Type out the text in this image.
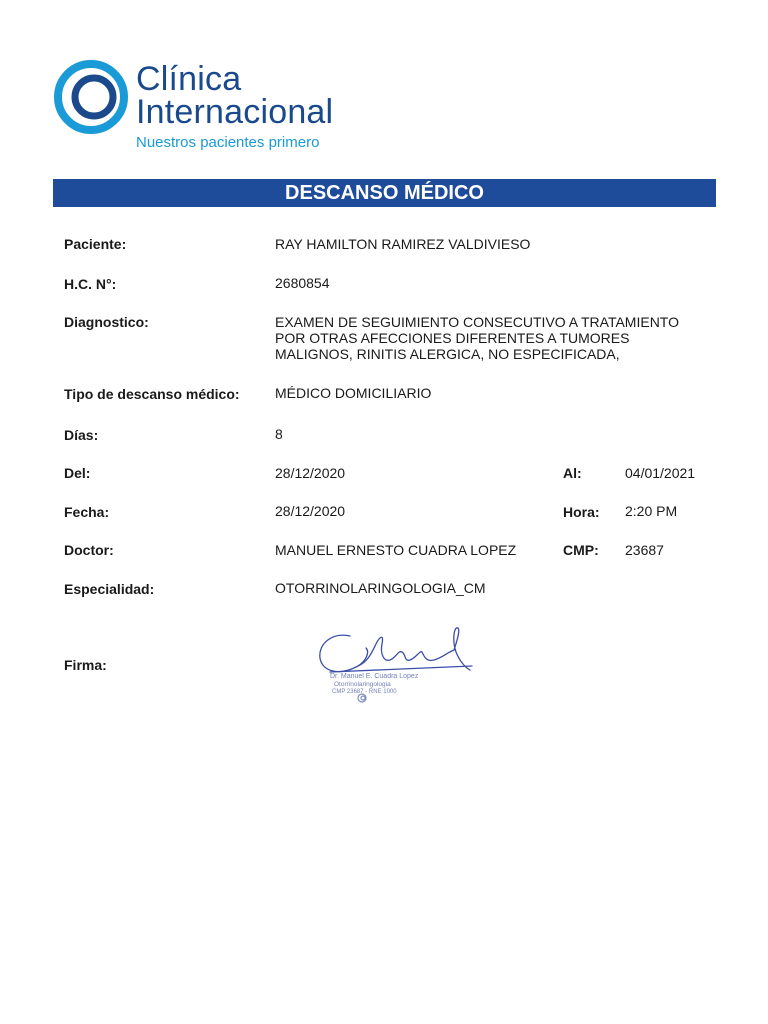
Clínica
Internacional
Nuestros pacientes primero
DESCANSO MÉDICO
Paciente:	RAY HAMILTON RAMIREZ VALDIVIESO
H.C. N°:	2680854
Diagnostico:	EXAMEN DE SEGUIMIENTO CONSECUTIVO A TRATAMIENTO
POR OTRAS AFECCIONES DIFERENTES A TUMORES
MALIGNOS, RINITIS ALERGICA, NO ESPECIFICADA,
Tipo de descanso médico:	MÉDICO DOMICILIARIO
Días:	8
Del:	28/12/2020	Al:	04/01/2021
Fecha:	28/12/2020	Hora: 2:20 PM
Doctor:	MANUEL ERNESTO CUADRA LOPEZ	CMP: 23687
Especialidad:	OTORRINOLARINGOLOGIA_CM
Firma:
Dr. Manuel E. Cuadra Lopez
Otorrinolaringologia
CMP 23687 - RNE 1000
